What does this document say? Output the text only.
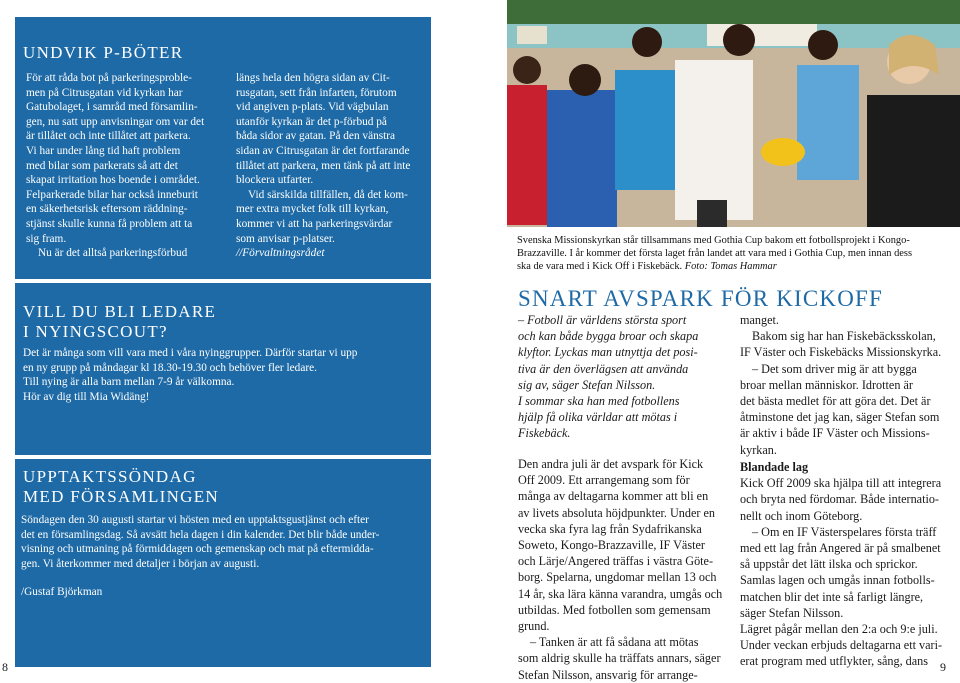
UNDVIK P-BÖTER

För att råda bot på parkeringsproble-

men på Citrusgatan vid kyrkan har

Gatubolaget, i samråd med församlin-

gen, nu satt upp anvisningar om var det

är tillåtet och inte tillåtet att parkera.

Vi har under lång tid haft problem

med bilar som parkerats så att det

skapat irritation hos boende i området.

Felparkerade bilar har också inneburit

en säkerhetsrisk eftersom räddning-

stjänst skulle kunna få problem att ta

sig fram.

Nu är det alltså parkeringsförbud

längs hela den högra sidan av Cit-

rusgatan, sett från infarten, förutom

vid angiven p-plats. Vid vägbulan

utanför kyrkan är det p-förbud på

båda sidor av gatan. På den vänstra

sidan av Citrusgatan är det fortfarande

tillåtet att parkera, men tänk på att inte

blockera utfarter.

Vid särskilda tillfällen, då det kom-

mer extra mycket folk till kyrkan,

kommer vi att ha parkeringsvärdar

som anvisar p-platser.

//Förvaltningsrådet

VILL DU BLI LEDARE
I NYINGSCOUT?

Det är många som vill vara med i våra nyinggrupper. Därför startar vi upp

en ny grupp på måndagar kl 18.30-19.30 och behöver fler ledare.

Till nying är alla barn mellan 7-9 år välkomna.

Hör av dig till Mia Widäng!

UPPTAKTSSÖNDAG
MED FÖRSAMLINGEN

Söndagen den 30 augusti startar vi hösten med en upptaktsgustjänst och efter

det en församlingsdag. Så avsätt hela dagen i din kalender. Det blir både under-

visning och utmaning på förmiddagen och gemenskap och mat på eftermidda-

gen. Vi återkommer med detaljer i början av augusti.

/Gustaf Björkman
Svenska Missionskyrkan står tillsammans med Gothia Cup bakom ett fotbollsprojekt i Kongo-
Brazzaville. I år kommer det första laget från landet att vara med i Gothia Cup, men innan dess
ska de vara med i Kick Off i Fiskebäck. Foto: Tomas Hammar
SNART AVSPARK FÖR KICKOFF

– Fotboll är världens största sport

och kan både bygga broar och skapa

klyftor. Lyckas man utnyttja det posi-

tiva är den överlägsen att använda

sig av, säger Stefan Nilsson.

I sommar ska han med fotbollens

hjälp få olika världar att mötas i

Fiskebäck.

manget.

Bakom sig har han Fiskebäcksskolan,

IF Väster och Fiskebäcks Missionskyrka.

– Det som driver mig är att bygga

broar mellan människor. Idrotten är

det bästa medlet för att göra det. Det är

åtminstone det jag kan, säger Stefan som

är aktiv i både IF Väster och Missions-

kyrkan.

Den andra juli är det avspark för Kick

Off 2009. Ett arrangemang som för

många av deltagarna kommer att bli en

av livets absoluta höjdpunkter. Under en

vecka ska fyra lag från Sydafrikanska

Soweto, Kongo-Brazzaville, IF Väster

och Lärje/Angered träffas i västra Göte-

borg. Spelarna, ungdomar mellan 13 och

14 år, ska lära känna varandra, umgås och

utbildas. Med fotbollen som gemensam

grund.

– Tanken är att få sådana att mötas

som aldrig skulle ha träffats annars, säger

Stefan Nilsson, ansvarig för arrange-

Blandade lag

Kick Off 2009 ska hjälpa till att integrera

och bryta ned fördomar. Både internatio-

nellt och inom Göteborg.

– Om en IF Västerspelares första träff

med ett lag från Angered är på smalbenet

så uppstår det lätt ilska och sprickor.

Samlas lagen och umgås innan fotbolls-

matchen blir det inte så farligt längre,

säger Stefan Nilsson.

Lägret pågår mellan den 2:a och 9:e juli.

Under veckan erbjuds deltagarna ett vari-

erat program med utflykter, sång, dans

8	9
